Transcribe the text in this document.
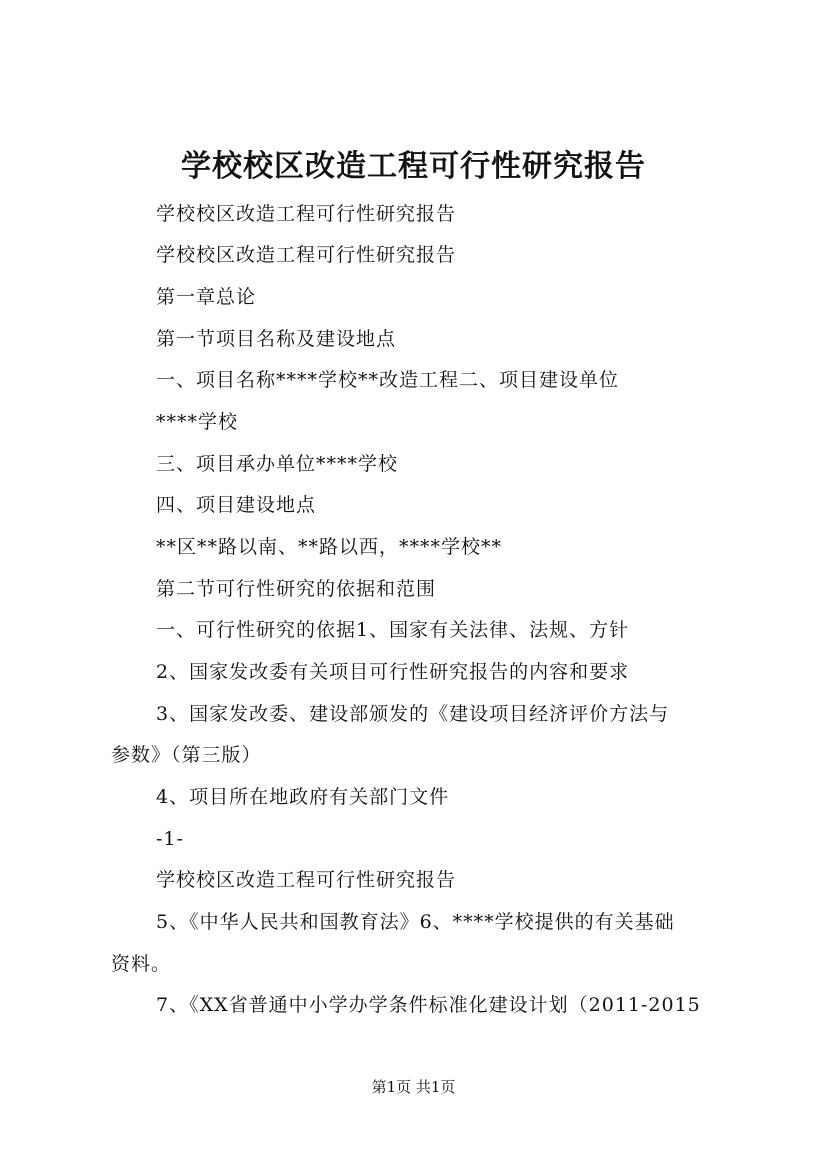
学校校区改造工程可行性研究报告
学校校区改造工程可行性研究报告
学校校区改造工程可行性研究报告
第一章总论
第一节项目名称及建设地点
一、项目名称****学校**改造工程二、项目建设单位
****学校
三、项目承办单位****学校
四、项目建设地点
**区**路以南、**路以西，****学校**
第二节可行性研究的依据和范围
一、可行性研究的依据1、国家有关法律、法规、方针
2、国家发改委有关项目可行性研究报告的内容和要求
3、国家发改委、建设部颁发的《建设项目经济评价方法与
参数》（第三版）
4、项目所在地政府有关部门文件
-1-
学校校区改造工程可行性研究报告
5、《中华人民共和国教育法》6、****学校提供的有关基础
资料。
7、《XX省普通中小学办学条件标准化建设计划（2011-2015
第1页 共1页
